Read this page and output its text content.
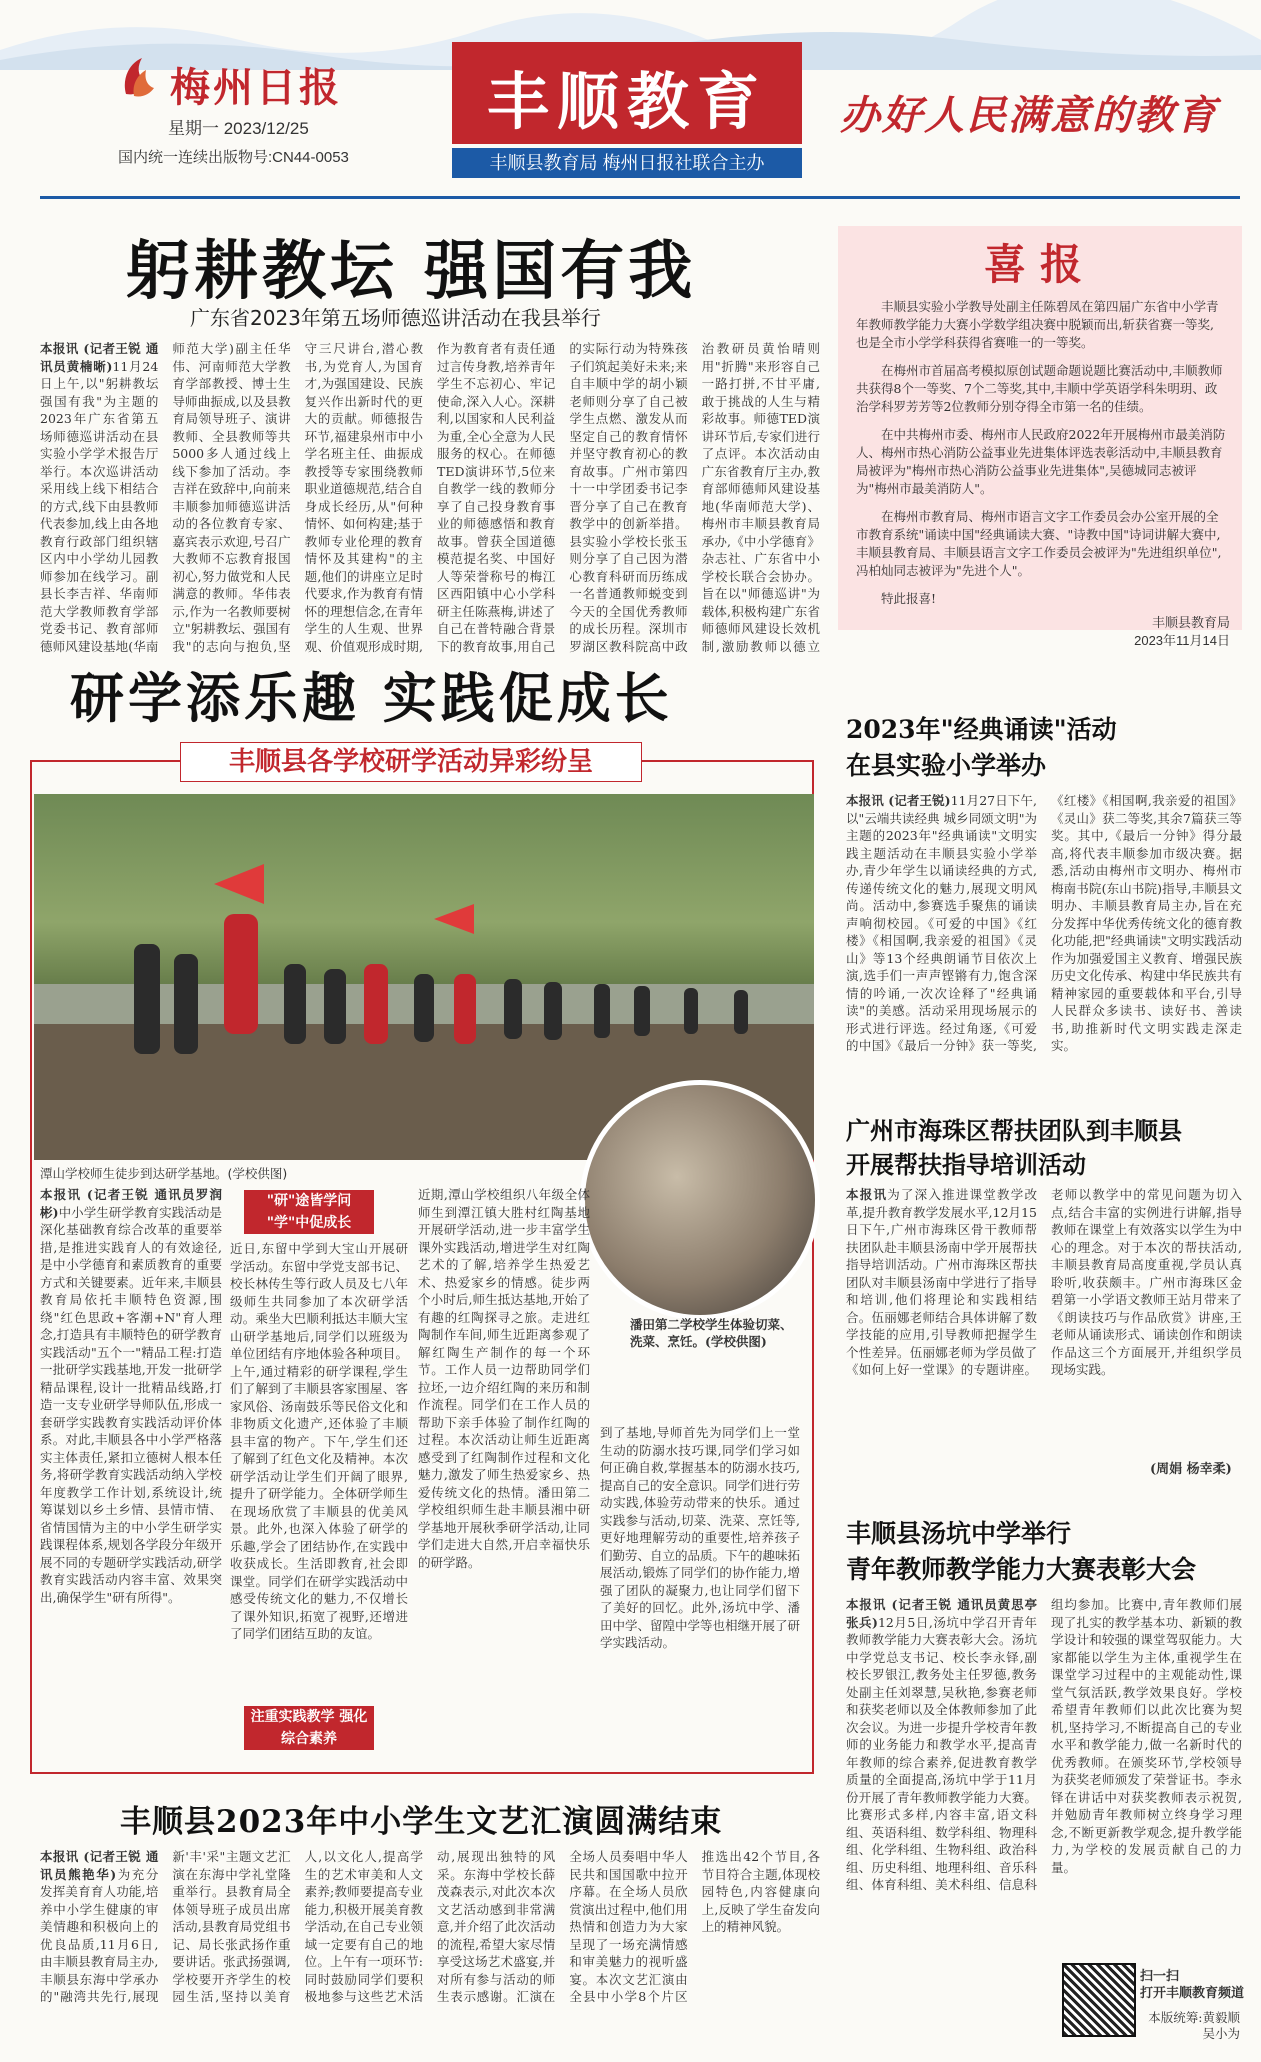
梅州日报
星期一 2023/12/25
国内统一连续出版物号:CN44-0053
丰顺教育
丰顺县教育局 梅州日报社联合主办
办好人民满意的教育
躬耕教坛 强国有我
广东省2023年第五场师德巡讲活动在我县举行
本报讯 (记者王锐 通讯员黄楠晰)11月24日上午,以"躬耕教坛 强国有我"为主题的2023年广东省第五场师德巡讲活动在县实验小学学术报告厅举行。本次巡讲活动采用线上线下相结合的方式,线下由县教师代表参加,线上由各地教育行政部门组织辖区内中小学幼儿园教师参加在线学习。副县长李吉祥、华南师范大学教师教育学部党委书记、教育部师德师风建设基地(华南师范大学)副主任华伟、河南师范大学教育学部教授、博士生导师曲振成,以及县教育局领导班子、演讲教师、全县教师等共5000多人通过线上线下参加了活动。李吉祥在致辞中,向前来丰顺参加师德巡讲活动的各位教育专家、嘉宾表示欢迎,号召广大教师不忘教育报国初心,努力做党和人民满意的教师。华伟表示,作为一名教师要树立"躬耕教坛、强国有我"的志向与抱负,坚守三尺讲台,潜心教书,为党育人,为国育才,为强国建设、民族复兴作出新时代的更大的贡献。师德报告环节,福建泉州市中小学名班主任、曲振成教授等专家围绕教师职业道德规范,结合自身成长经历,从"何种情怀、如何构建;基于教师专业伦理的教育情怀及其建构"的主题,他们的讲座立足时代要求,作为教育有情怀的理想信念,在青年学生的人生观、世界观、价值观形成时期,作为教育者有责任通过言传身教,培养青年学生不忘初心、牢记使命,深入人心。深耕利,以国家和人民利益为重,全心全意为人民服务的权心。在师德TED演讲环节,5位来自教学一线的教师分享了自己投身教育事业的师德感悟和教育故事。曾获全国道德模范提名奖、中国好人等荣誉称号的梅江区西阳镇中心小学科研主任陈燕梅,讲述了自己在普特融合背景下的教育故事,用自己的实际行动为特殊孩子们筑起美好未来;来自丰顺中学的胡小颖老师则分享了自己被学生点燃、激发从而坚定自己的教育情怀并坚守教育初心的教育故事。广州市第四十一中学团委书记李晋分享了自己在教育教学中的创新举措。县实验小学校长张玉则分享了自己因为潜心教育科研而历练成一名普通教师蜕变到今天的全国优秀教师的成长历程。深圳市罗湖区教科院高中政治教研员黄怡晴则用"折腾"来形容自己一路打拼,不甘平庸,敢于挑战的人生与精彩故事。师德TED演讲环节后,专家们进行了点评。本次活动由广东省教育厅主办,教育部师德师风建设基地(华南师范大学)、梅州市丰顺县教育局承办,《中小学德育》杂志社、广东省中小学校长联合会协办。旨在以"师德巡讲"为载体,积极构建广东省师德师风建设长效机制,激励教师以德立
喜报

丰顺县实验小学教导处副主任陈碧凤在第四届广东省中小学青年教师教学能力大赛小学数学组决赛中脱颖而出,斩获省赛一等奖,也是全市小学学科获得省赛唯一的一等奖。

在梅州市首届高考模拟原创试题命题说题比赛活动中,丰顺教师共获得8个一等奖、7个二等奖,其中,丰顺中学英语学科朱明玥、政治学科罗芳芳等2位教师分别夺得全市第一名的佳绩。

在中共梅州市委、梅州市人民政府2022年开展梅州市最美消防人、梅州市热心消防公益事业先进集体评选表彰活动中,丰顺县教育局被评为"梅州市热心消防公益事业先进集体",吴德城同志被评为"梅州市最美消防人"。

在梅州市教育局、梅州市语言文字工作委员会办公室开展的全市教育系统"诵读中国"经典诵读大赛、"诗教中国"诗词讲解大赛中,丰顺县教育局、丰顺县语言文字工作委员会被评为"先进组织单位",冯柏灿同志被评为"先进个人"。

特此报喜!

丰顺县教育局
2023年11月14日
研学添乐趣 实践促成长
丰顺县各学校研学活动异彩纷呈
潭山学校师生徒步到达研学基地。(学校供图)
潘田第二学校学生体验切菜、洗菜、烹饪。(学校供图)
本报讯 (记者王锐 通讯员罗润彬)中小学生研学教育实践活动是深化基础教育综合改革的重要举措,是推进实践育人的有效途径,是中小学德育和素质教育的重要方式和关键要素。近年来,丰顺县教育局依托丰顺特色资源,围绕"红色思政+客潮+N"育人理念,打造具有丰顺特色的研学教育实践活动"五个一"精品工程:打造一批研学实践基地,开发一批研学精品课程,设计一批精品线路,打造一支专业研学导师队伍,形成一套研学实践教育实践活动评价体系。对此,丰顺县各中小学严格落实主体责任,紧扣立德树人根本任务,将研学教育实践活动纳入学校年度教学工作计划,系统设计,统筹谋划以乡土乡情、县情市情、省情国情为主的中小学生研学实践课程体系,规划各学段分年级开展不同的专题研学实践活动,研学教育实践活动内容丰富、效果突出,确保学生"研有所得"。
"研"途皆学问 "学"中促成长
近日,东留中学到大宝山开展研学活动。东留中学党支部书记、校长林传生等行政人员及七八年级师生共同参加了本次研学活动。乘坐大巴顺利抵达丰顺大宝山研学基地后,同学们以班级为单位团结有序地体验各种项目。上午,通过精彩的研学课程,学生们了解到了丰顺县客家围屋、客家风俗、汤南鼓乐等民俗文化和非物质文化遗产,还体验了丰顺县丰富的物产。下午,学生们还了解到了红色文化及精神。本次研学活动让学生们开阔了眼界,提升了研学能力。全体研学师生在现场欣赏了丰顺县的优美风景。此外,也深入体验了研学的乐趣,学会了团结协作,在实践中收获成长。生活即教育,社会即课堂。同学们在研学实践活动中感受传统文化的魅力,不仅增长了课外知识,拓宽了视野,还增进了同学们团结互助的友谊。
注重实践教学 强化综合素养
近期,潭山学校组织八年级全体师生到潭江镇大胜村红陶基地开展研学活动,进一步丰富学生课外实践活动,增进学生对红陶艺术的了解,培养学生热爱艺术、热爱家乡的情感。徒步两个小时后,师生抵达基地,开始了有趣的红陶探寻之旅。走进红陶制作车间,师生近距离参观了解红陶生产制作的每一个环节。工作人员一边帮助同学们拉坯,一边介绍红陶的来历和制作流程。同学们在工作人员的帮助下亲手体验了制作红陶的过程。本次活动让师生近距离感受到了红陶制作过程和文化魅力,激发了师生热爱家乡、热爱传统文化的热情。潘田第二学校组织师生赴丰顺县湘中研学基地开展秋季研学活动,让同学们走进大自然,开启幸福快乐的研学路。
到了基地,导师首先为同学们上一堂生动的防溺水技巧课,同学们学习如何正确自救,掌握基本的防溺水技巧,提高自己的安全意识。同学们进行劳动实践,体验劳动带来的快乐。通过实践参与活动,切菜、洗菜、烹饪等,更好地理解劳动的重要性,培养孩子们勤劳、自立的品质。下午的趣味拓展活动,锻炼了同学们的协作能力,增强了团队的凝聚力,也让同学们留下了美好的回忆。此外,汤坑中学、潘田中学、留隍中学等也相继开展了研学实践活动。
2023年"经典诵读"活动
在县实验小学举办
本报讯 (记者王锐)11月27日下午,以"云端共读经典 城乡同颂文明"为主题的2023年"经典诵读"文明实践主题活动在丰顺县实验小学举办,青少年学生以诵读经典的方式,传递传统文化的魅力,展现文明风尚。活动中,参赛选手聚焦的诵读声响彻校园。《可爱的中国》《红楼》《相国啊,我亲爱的祖国》《灵山》等13个经典朗诵节目依次上演,选手们一声声铿锵有力,饱含深情的吟诵,一次次诠释了"经典诵读"的美感。活动采用现场展示的形式进行评选。经过角逐,《可爱的中国》《最后一分钟》获一等奖,《红楼》《相国啊,我亲爱的祖国》《灵山》获二等奖,其余7篇获三等奖。其中,《最后一分钟》得分最高,将代表丰顺参加市级决赛。据悉,活动由梅州市文明办、梅州市梅南书院(东山书院)指导,丰顺县文明办、丰顺县教育局主办,旨在充分发挥中华优秀传统文化的德育教化功能,把"经典诵读"文明实践活动作为加强爱国主义教育、增强民族历史文化传承、构建中华民族共有精神家园的重要载体和平台,引导人民群众多读书、读好书、善读书,助推新时代文明实践走深走实。
广州市海珠区帮扶团队到丰顺县
开展帮扶指导培训活动
本报讯为了深入推进课堂教学改革,提升教育教学发展水平,12月15日下午,广州市海珠区骨干教师帮扶团队赴丰顺县汤南中学开展帮扶指导培训活动。广州市海珠区帮扶团队对丰顺县汤南中学进行了指导和培训,他们将理论和实践相结合。伍丽娜老师结合具体讲解了数学技能的应用,引导教师把握学生个性差异。伍丽娜老师为学员做了《如何上好一堂课》的专题讲座。老师以教学中的常见问题为切入点,结合丰富的实例进行讲解,指导教师在课堂上有效落实以学生为中心的理念。对于本次的帮扶活动,丰顺县教育局高度重视,学员认真聆听,收获颇丰。广州市海珠区金碧第一小学语文教师王站月带来了《朗读技巧与作品欣赏》讲座,王老师从诵读形式、诵读创作和朗读作品这三个方面展开,并组织学员现场实践。
(周娟 杨幸柔)
丰顺县汤坑中学举行
青年教师教学能力大赛表彰大会
本报讯 (记者王锐 通讯员黄思亭 张兵)12月5日,汤坑中学召开青年教师教学能力大赛表彰大会。汤坑中学党总支书记、校长李永铎,副校长罗银江,教务处主任罗德,教务处副主任刘翠慧,吴秋艳,参赛老师和获奖老师以及全体教师参加了此次会议。为进一步提升学校青年教师的业务能力和教学水平,提高青年教师的综合素养,促进教育教学质量的全面提高,汤坑中学于11月份开展了青年教师教学能力大赛。比赛形式多样,内容丰富,语文科组、英语科组、数学科组、物理科组、化学科组、生物科组、政治科组、历史科组、地理科组、音乐科组、体育科组、美术科组、信息科组均参加。比赛中,青年教师们展现了扎实的教学基本功、新颖的教学设计和较强的课堂驾驭能力。大家都能以学生为主体,重视学生在课堂学习过程中的主观能动性,课堂气氛活跃,教学效果良好。学校希望青年教师们以此次比赛为契机,坚持学习,不断提高自己的专业水平和教学能力,做一名新时代的优秀教师。在颁奖环节,学校领导为获奖老师颁发了荣誉证书。李永铎在讲话中对获奖教师表示祝贺,并勉励青年教师树立终身学习理念,不断更新教学观念,提升教学能力,为学校的发展贡献自己的力量。
丰顺县2023年中小学生文艺汇演圆满结束
本报讯 (记者王锐 通讯员熊艳华)为充分发挥美育育人功能,培养中小学生健康的审美情趣和积极向上的优良品质,11月6日,由丰顺县教育局主办,丰顺县东海中学承办的"融湾共先行,展现新'丰'采"主题文艺汇演在东海中学礼堂隆重举行。县教育局全体领导班子成员出席活动,县教育局党组书记、局长张武扬作重要讲话。张武扬强调,学校要开齐学生的校园生活,坚持以美育人,以文化人,提高学生的艺术审美和人文素养;教师要提高专业能力,积极开展美育教学活动,在自己专业领域一定要有自己的地位。上午有一项环节:同时鼓励同学们要积极地参与这些艺术活动,展现出独特的风采。东海中学校长薛茂森表示,对此次本次文艺活动感到非常满意,并介绍了此次活动的流程,希望大家尽情享受这场艺术盛宴,并对所有参与活动的师生表示感谢。汇演在全场人员奏唱中华人民共和国国歌中拉开序幕。在全场人员欣赏演出过程中,他们用热情和创造力为大家呈现了一场充满情感和审美魅力的视听盛宴。本次文艺汇演由全县中小学8个片区推选出42个节目,各节目符合主题,体现校园特色,内容健康向上,反映了学生奋发向上的精神风貌。
扫一扫
打开丰顺教育频道
本版统筹:黄毅顺
吴小为
